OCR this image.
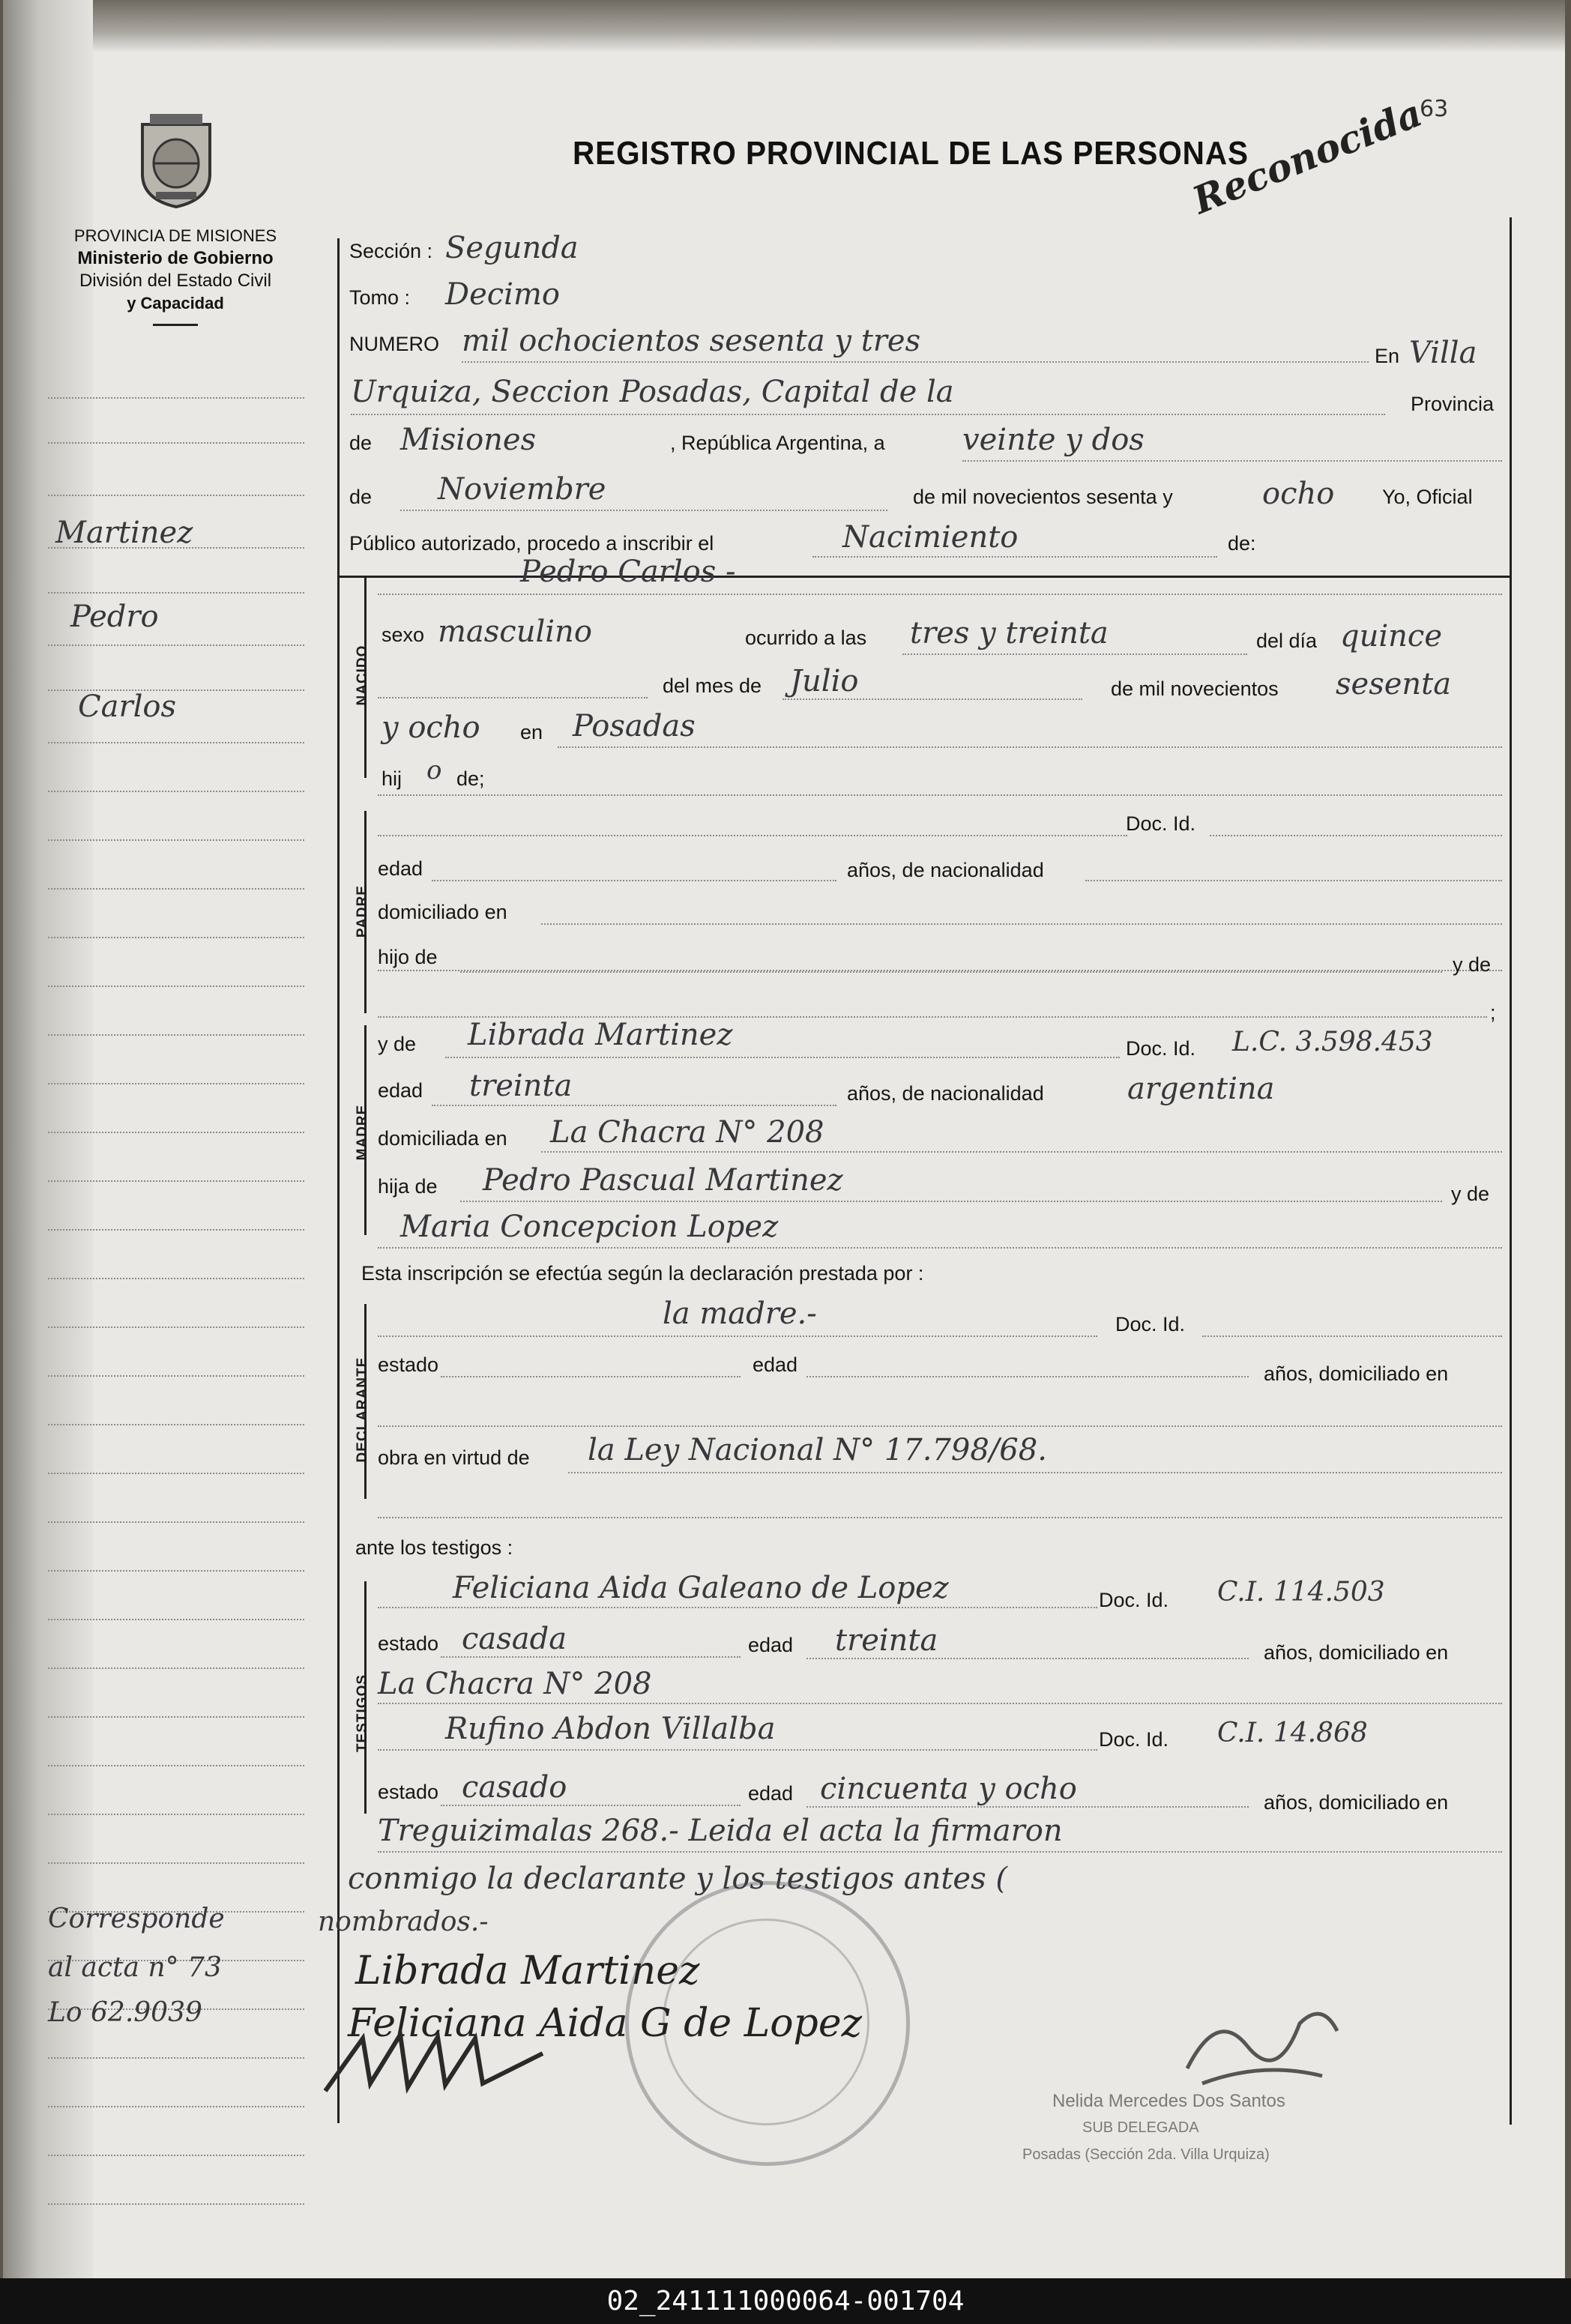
PROVINCIA DE MISIONES
Ministerio de Gobierno
División del Estado Civil
y Capacidad
REGISTRO PROVINCIAL DE LAS PERSONAS
63
Reconocida
NACIDO
PADRE
MADRE
DECLARANTE
TESTIGOS
Martinez
Pedro
Carlos
Corresponde
al acta n° 73
Lo 62.9039
Sección : Segunda
Tomo : Decimo
NUMERO mil ochocientos sesenta y tres	En Villa
Urquiza, Seccion Posadas, Capital de la	Provincia
de Misiones	, República Argentina, a	veinte y dos
de Noviembre	de mil novecientos sesenta y	ocho Yo, Oficial
Público autorizado, procedo a inscribir el	Nacimiento	de:
Pedro Carlos -
sexo masculino	ocurrido a las tres y treinta	del día quince
del mes de Julio	de mil novecientos sesenta
y ocho en Posadas
hij o de;
Doc. Id.
edad	años, de nacionalidad
domiciliado en
hijo de	y de
;
y de Librada Martinez	Doc. Id. L.C. 3.598.453
edad treinta	años, de nacionalidad	argentina
domiciliada en La Chacra N° 208
hija de Pedro Pascual Martinez	y de
Maria Concepcion Lopez
Esta inscripción se efectúa según la declaración prestada por :
la madre.-	Doc. Id.
estado	edad	años, domiciliado en
obra en virtud de la Ley Nacional N° 17.798/68.
ante los testigos :
Feliciana Aida Galeano de Lopez	Doc. Id. C.I. 114.503
estado casada	edad treinta	años, domiciliado en
La Chacra N° 208
Rufino Abdon Villalba	Doc. Id. C.I. 14.868
estado casado	edad cincuenta y ocho	años, domiciliado en
Treguizimalas 268.- Leida el acta la firmaron
conmigo la declarante y los testigos antes (
nombrados.-
Librada Martinez
Feliciana Aida G de Lopez
Nelida Mercedes Dos Santos
SUB DELEGADA
Posadas (Sección 2da. Villa Urquiza)
02_241111000064-001704
